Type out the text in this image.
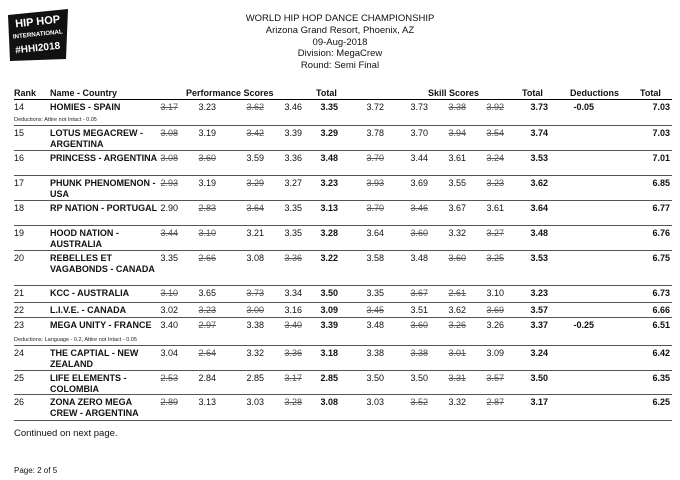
HIP HOP
INTERNATIONAL
#HHI2018
WORLD HIP HOP DANCE CHAMPIONSHIP
Arizona Grand Resort, Phoenix, AZ
09-Aug-2018
Division: MegaCrew
Round: Semi Final
Rank Name - Country	Performance Scores	Total	Skill Scores	Total	Deductions Total
14	HOMIES - SPAIN	3.17	3.23	3.62	3.46	3.35	3.72	3.73	3.38	3.92	3.73	-0.05	7.03
Deductions: Attire not Intact - 0.05
15	LOTUS MEGACREW - ARGENTINA
3.08	3.19	3.42	3.39	3.29	3.78	3.70	3.94	3.54	3.74	7.03
16	PRINCESS - ARGENTINA 3.08	3.60	3.59	3.36	3.48	3.70	3.44	3.61	3.24	3.53	7.01
17	PHUNK PHENOMENON - USA
2.93	3.19	3.29	3.27	3.23	3.93	3.69	3.55	3.23	3.62	6.85
18	RP NATION - PORTUGAL 2.90	2.83	3.64	3.35	3.13	3.70	3.46	3.67	3.61	3.64	6.77
19	HOOD NATION - AUSTRALIA
3.44	3.10	3.21	3.35	3.28	3.64	3.60	3.32	3.27	3.48	6.76
20	REBELLES ET VAGABONDS - CANADA
3.35	2.66	3.08	3.36	3.22	3.58	3.48	3.60	3.25	3.53	6.75
21	KCC - AUSTRALIA	3.10	3.65	3.73	3.34	3.50	3.35	3.67	2.61	3.10	3.23	6.73
22	L.I.V.E. - CANADA	3.02	3.23	3.00	3.16	3.09	3.45	3.51	3.62	3.69	3.57	6.66
23	MEGA UNITY - FRANCE 3.40	2.97	3.38	3.40	3.39	3.48	3.60	3.26	3.26	3.37	-0.25	6.51
Deductions: Language - 0.2, Attire not Intact - 0.05
24	THE CAPTIAL - NEW ZEALAND
3.04	2.64	3.32	3.36	3.18	3.38	3.38	3.01	3.09	3.24	6.42
25	LIFE ELEMENTS - COLOMBIA
2.53	2.84	2.85	3.17	2.85	3.50	3.50	3.31	3.57	3.50	6.35
26	ZONA ZERO MEGA CREW - ARGENTINA
2.89	3.13	3.03	3.28	3.08	3.03	3.52	3.32	2.87	3.17	6.25
Continued on next page.
Page: 2 of 5
